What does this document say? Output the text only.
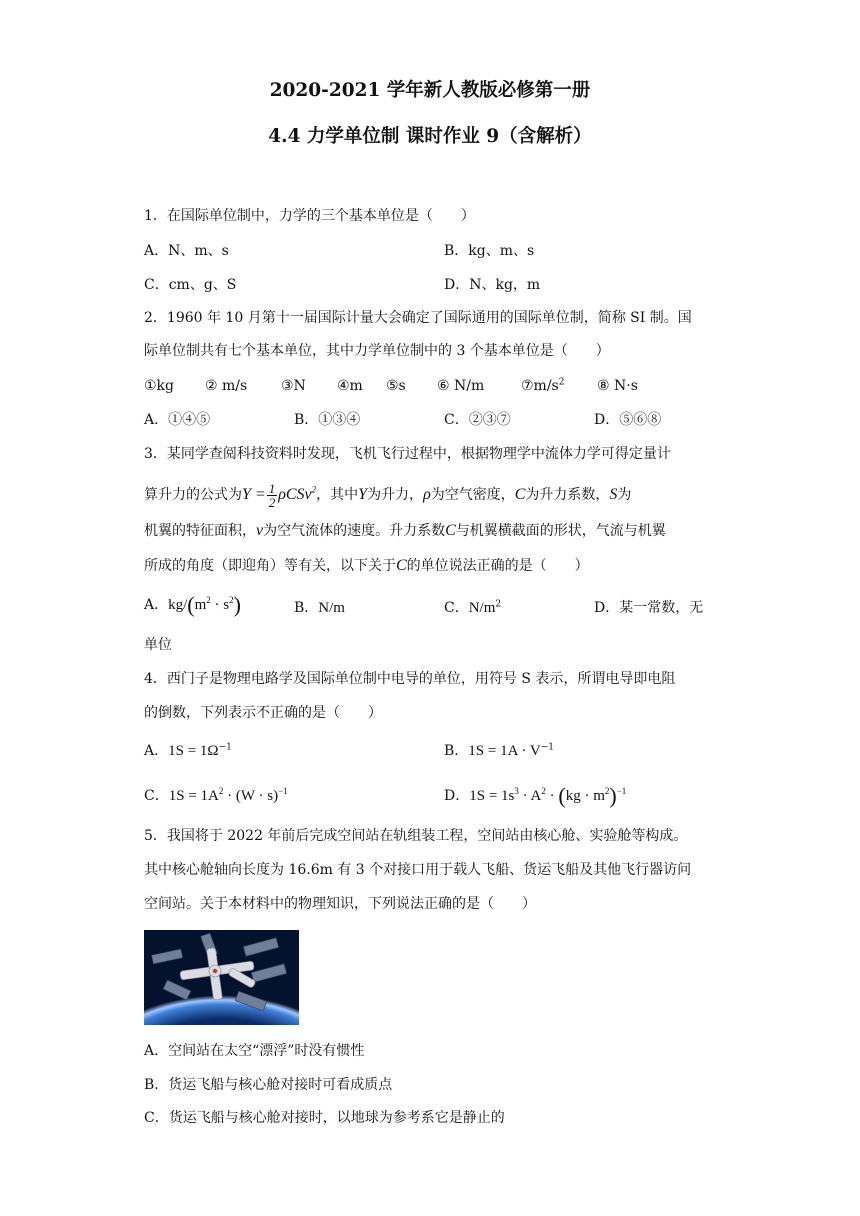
2020-2021 学年新人教版必修第一册
4.4 力学单位制 课时作业 9（含解析）
1．在国际单位制中，力学的三个基本单位是（　　）
A．N、m、s	B．kg、m、s
C．cm、g、S	D．N、kg，m
2．1960 年 10 月第十一届国际计量大会确定了国际通用的国际单位制，简称 SI 制。国
际单位制共有七个基本单位，其中力学单位制中的 3 个基本单位是（　　）
①kg ② m/s ③N ④m ⑤s ⑥ N/m	$⑦m/s^2$ ⑧ N·s
A．①④⑤	B．①③④	C．②③⑦	D．⑤⑥⑧
3．某同学查阅科技资料时发现，飞机飞行过程中，根据物理学中流体力学可得定量计
算升力的公式为$Y = \frac{1}{2} \rho CSv^2$，其中Y为升力，ρ为空气密度，C为升力系数，S为
机翼的特征面积，v为空气流体的速度。升力系数C与机翼横截面的形状，气流与机翼
所成的角度（即迎角）等有关，以下关于C的单位说法正确的是（　　）
A．$kg/(m^2 \cdot s^2)$	B．N/m	C．$N/m^2$	D．某一常数，无
单位
4．西门子是物理电路学及国际单位制中电导的单位，用符号 S 表示，所谓电导即电阻
的倒数，下列表示不正确的是（　　）
A．$1S = 1\Omega^{-1}$	B．$1S = 1A \cdot V^{-1}$
C．$1S = 1A^2 \cdot (W \cdot s)^{-1}$	D．$1S = 1s^3 \cdot A^2 \cdot (kg \cdot m^2)^{-1}$
5．我国将于 2022 年前后完成空间站在轨组装工程，空间站由核心舱、实验舱等构成。
其中核心舱轴向长度为 16.6m 有 3 个对接口用于载人飞船、货运飞船及其他飞行器访问
空间站。关于本材料中的物理知识，下列说法正确的是（　　）
A．空间站在太空“漂浮”时没有惯性
B．货运飞船与核心舱对接时可看成质点
C．货运飞船与核心舱对接时，以地球为参考系它是静止的
